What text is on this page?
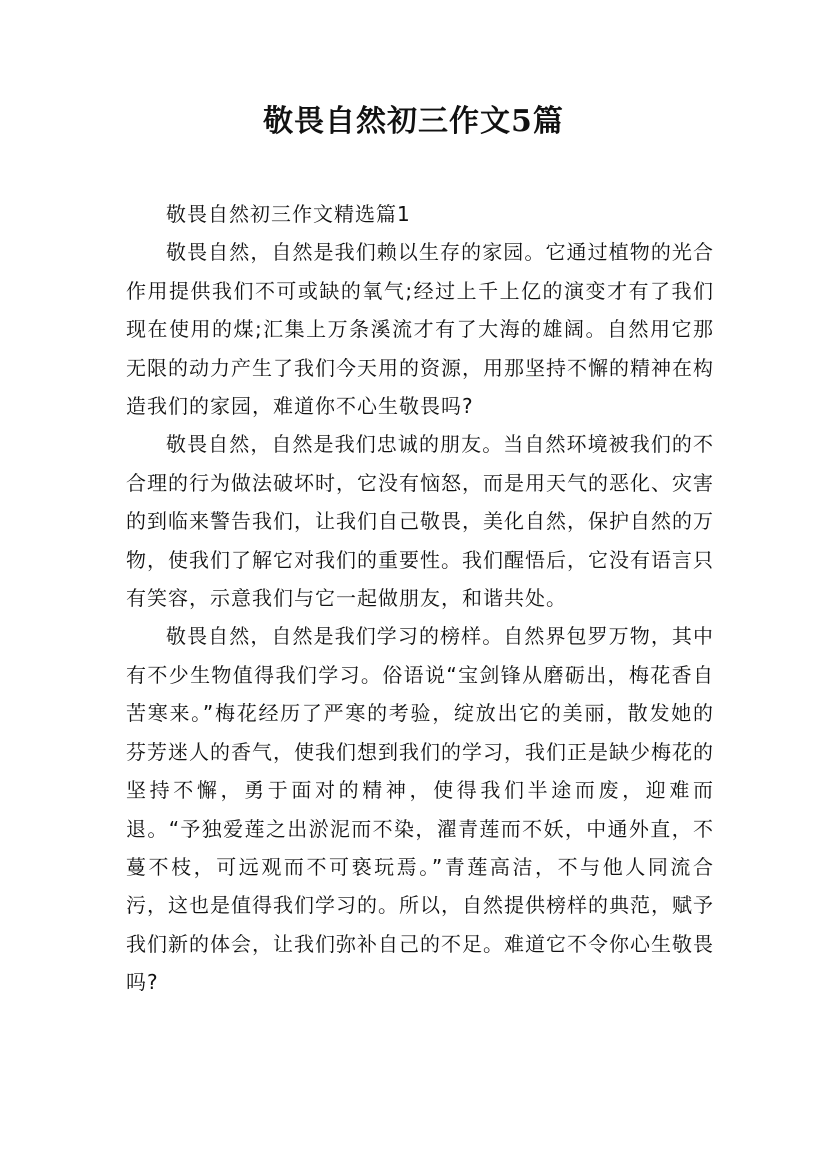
敬畏自然初三作文5篇

敬畏自然初三作文精选篇1

敬畏自然，自然是我们赖以生存的家园。它通过植物的光合作用提供我们不可或缺的氧气;经过上千上亿的演变才有了我们现在使用的煤;汇集上万条溪流才有了大海的雄阔。自然用它那无限的动力产生了我们今天用的资源，用那坚持不懈的精神在构造我们的家园，难道你不心生敬畏吗?

敬畏自然，自然是我们忠诚的朋友。当自然环境被我们的不合理的行为做法破坏时，它没有恼怒，而是用天气的恶化、灾害的到临来警告我们，让我们自己敬畏，美化自然，保护自然的万物，使我们了解它对我们的重要性。我们醒悟后，它没有语言只有笑容，示意我们与它一起做朋友，和谐共处。

敬畏自然，自然是我们学习的榜样。自然界包罗万物，其中有不少生物值得我们学习。俗语说“宝剑锋从磨砺出，梅花香自苦寒来。”梅花经历了严寒的考验，绽放出它的美丽，散发她的芬芳迷人的香气，使我们想到我们的学习，我们正是缺少梅花的坚持不懈，勇于面对的精神，使得我们半途而废，迎难而退。“予独爱莲之出淤泥而不染，濯青莲而不妖，中通外直，不蔓不枝，可远观而不可亵玩焉。”青莲高洁，不与他人同流合污，这也是值得我们学习的。所以，自然提供榜样的典范，赋予我们新的体会，让我们弥补自己的不足。难道它不令你心生敬畏吗?
